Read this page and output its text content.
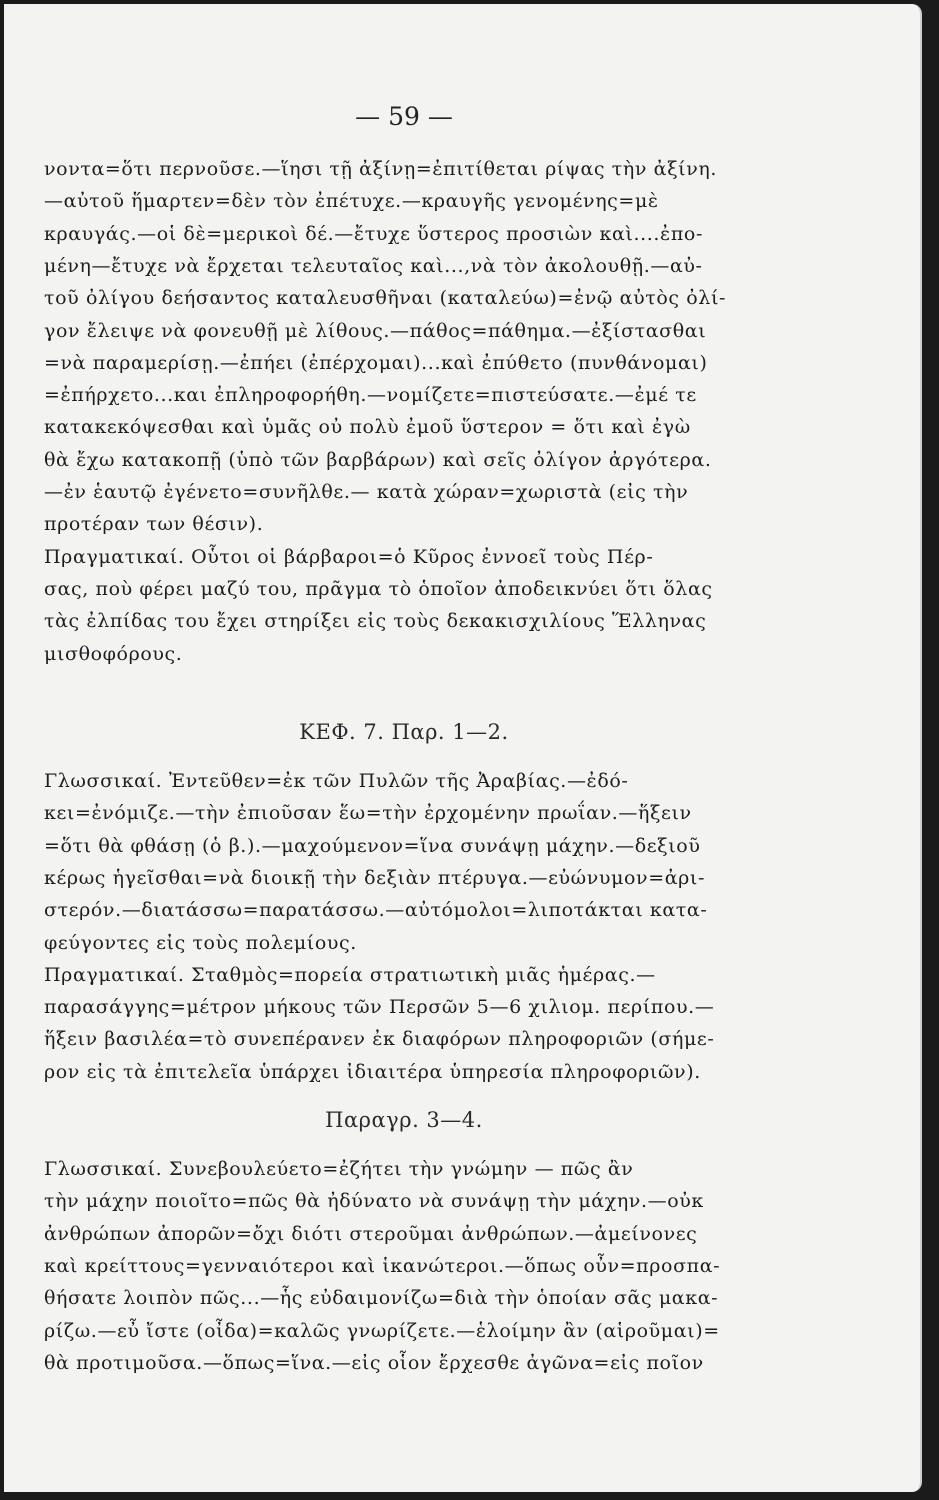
— 59 —
νοντα=ὅτι περνοῦσε.—ἵησι τῇ ἀξίνῃ=ἐπιτίθεται ρίψας τὴν ἀξίνη.
—αὐτοῦ ἥμαρτεν=δὲν τὸν ἐπέτυχε.—κραυγῆς γενομένης=μὲ
κραυγάς.—οἱ δὲ=μερικοὶ δέ.—ἔτυχε ὕστερος προσιὼν καὶ....ἐπο-
μένη—ἔτυχε νὰ ἔρχεται τελευταῖος καὶ...,νὰ τὸν ἀκολουθῇ.—αὐ-
τοῦ ὀλίγου δεήσαντος καταλευσθῆναι (καταλεύω)=ἐνῷ αὐτὸς ὀλί-
γον ἔλειψε νὰ φονευθῇ μὲ λίθους.—πάθος=πάθημα.—ἐξίστασθαι
=νὰ παραμερίσῃ.—ἐπήει (ἐπέρχομαι)...καὶ ἐπύθετο (πυνθάνομαι)
=ἐπήρχετο...και ἐπληροφορήθη.—νομίζετε=πιστεύσατε.—ἐμέ τε
κατακεκόψεσθαι καὶ ὑμᾶς οὐ πολὺ ἐμοῦ ὕστερον = ὅτι καὶ ἐγὼ
θὰ ἔχω κατακοπῇ (ὑπὸ τῶν βαρβάρων) καὶ σεῖς ὀλίγον ἀργότερα.
—ἐν ἑαυτῷ ἐγένετο=συνῆλθε.— κατὰ χώραν=χωριστὰ (εἰς τὴν
προτέραν των θέσιν).
Πραγματικαί. Οὗτοι οἱ βάρβαροι=ὁ Κῦρος ἐννοεῖ τοὺς Πέρ-
σας, ποὺ φέρει μαζύ του, πρᾶγμα τὸ ὁποῖον ἀποδεικνύει ὅτι ὅλας
τὰς ἐλπίδας του ἔχει στηρίξει εἰς τοὺς δεκακισχιλίους Ἕλληνας
μισθοφόρους.
ΚΕΦ. 7. Παρ. 1—2.
Γλωσσικαί. Ἐντεῦθεν=ἐκ τῶν Πυλῶν τῆς Ἀραβίας.—ἐδό-
κει=ἐνόμιζε.—τὴν ἐπιοῦσαν ἕω=τὴν ἐρχομένην πρωΐαν.—ἥξειν
=ὅτι θὰ φθάσῃ (ὁ β.).—μαχούμενον=ἵνα συνάψῃ μάχην.—δεξιοῦ
κέρως ἡγεῖσθαι=νὰ διοικῇ τὴν δεξιὰν πτέρυγα.—εὐώνυμον=ἀρι-
στερόν.—διατάσσω=παρατάσσω.—αὐτόμολοι=λιποτάκται κατα-
φεύγοντες εἰς τοὺς πολεμίους.
Πραγματικαί. Σταθμὸς=πορεία στρατιωτικὴ μιᾶς ἡμέρας.—
παρασάγγης=μέτρον μήκους τῶν Περσῶν 5—6 χιλιομ. περίπου.—
ἥξειν βασιλέα=τὸ συνεπέρανεν ἐκ διαφόρων πληροφοριῶν (σήμε-
ρον εἰς τὰ ἐπιτελεῖα ὑπάρχει ἰδιαιτέρα ὑπηρεσία πληροφοριῶν).
Παραγρ. 3—4.
Γλωσσικαί. Συνεβουλεύετο=ἐζήτει τὴν γνώμην — πῶς ἂν
τὴν μάχην ποιοῖτο=πῶς θὰ ἠδύνατο νὰ συνάψῃ τὴν μάχην.—οὐκ
ἀνθρώπων ἀπορῶν=ὄχι διότι στεροῦμαι ἀνθρώπων.—ἀμείνονες
καὶ κρείττους=γενναιότεροι καὶ ἱκανώτεροι.—ὅπως οὖν=προσπα-
θήσατε λοιπὸν πῶς...—ἧς εὐδαιμονίζω=διὰ τὴν ὁποίαν σᾶς μακα-
ρίζω.—εὖ ἴστε (οἶδα)=καλῶς γνωρίζετε.—ἑλοίμην ἂν (αἱροῦμαι)=
θὰ προτιμοῦσα.—ὅπως=ἵνα.—εἰς οἷον ἔρχεσθε ἀγῶνα=εἰς ποῖον
